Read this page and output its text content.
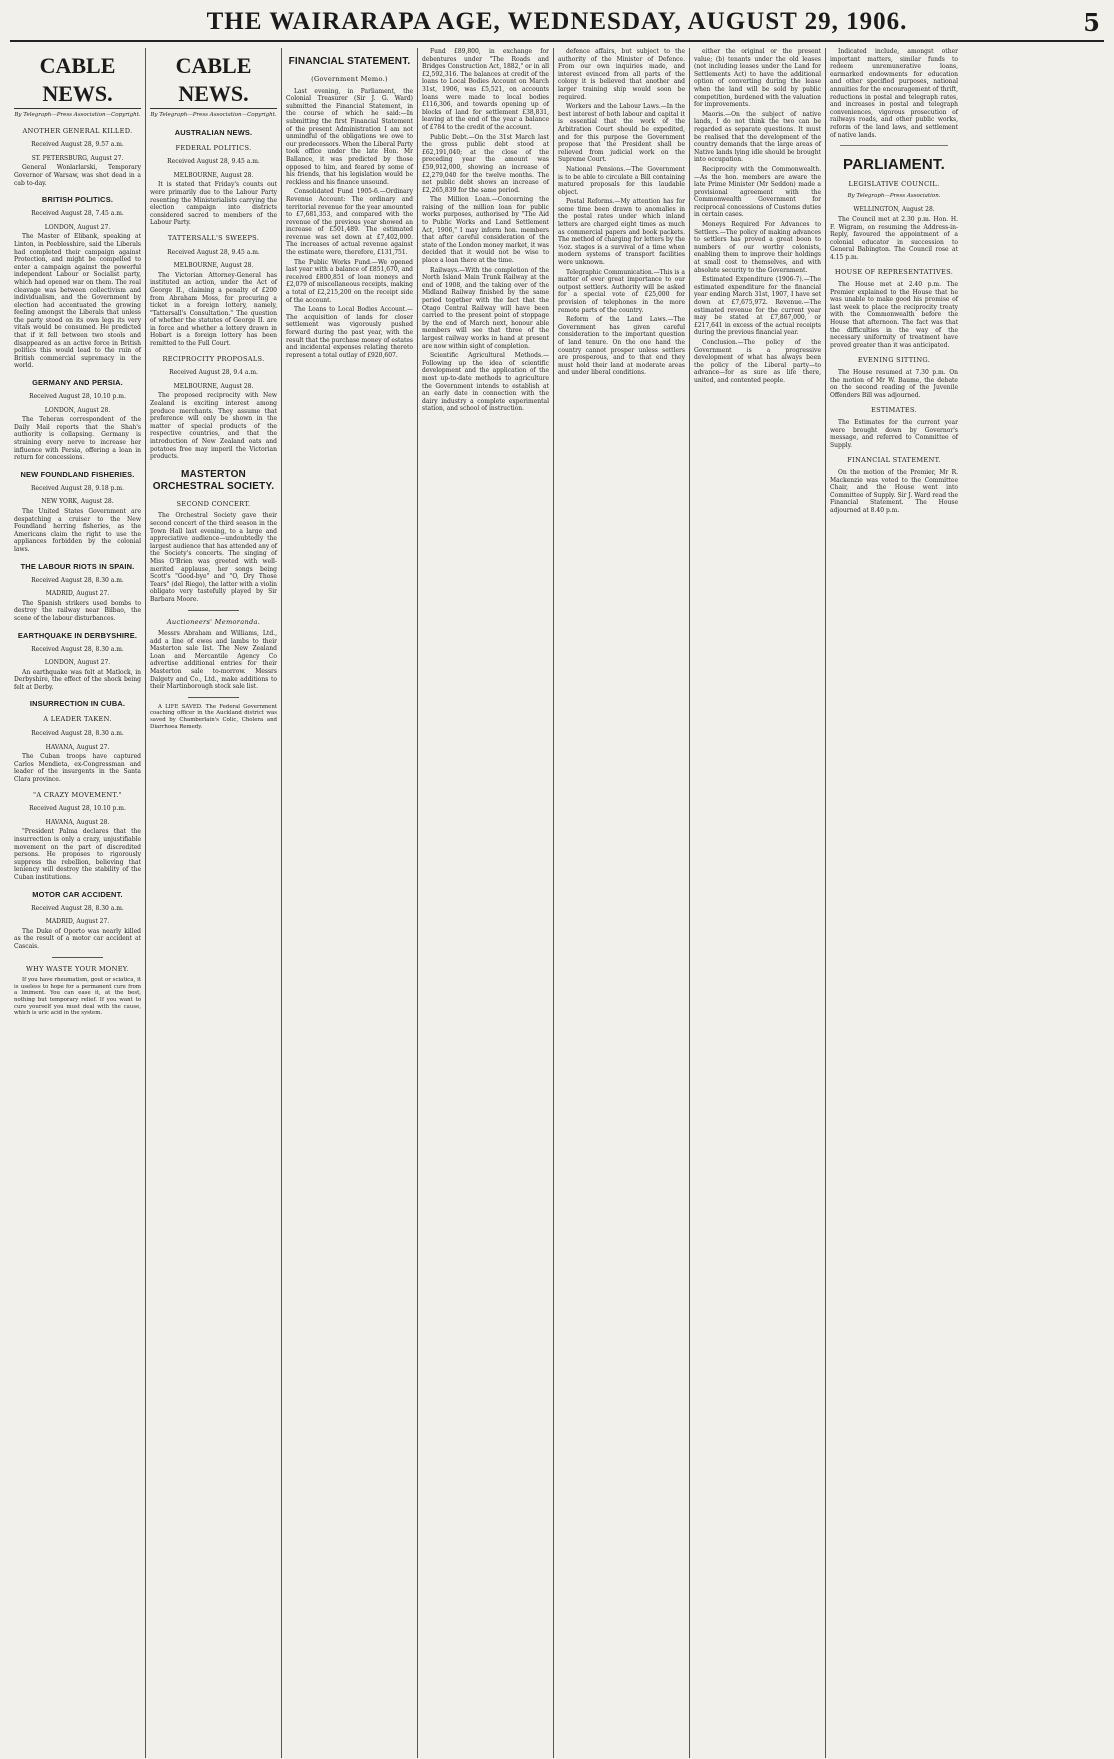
THE WAIRARAPA AGE, WEDNESDAY, AUGUST 29, 1906.	5
CABLE NEWS.
By Telegraph—Press Association—Copyright.
ANOTHER GENERAL KILLED.
Received August 28, 9.57 a.m.
ST. PETERSBURG, August 27.

General Wonlarlarski, Temporary Governor of Warsaw, was shot dead in a cab to-day.

BRITISH POLITICS.
Received August 28, 7.45 a.m.
LONDON, August 27.

The Master of Elibank, speaking at Linton, in Peeblesshire, said the Liberals had completed their campaign against Protection, and might be compelled to enter a campaign against the powerful independent Labour or Socialist party, which had opened war on them. The real cleavage was between collectivism and individualism, and the Government by election had accentuated the growing feeling amongst the Liberals that unless the party stood on its own legs its very vitals would be consumed. He predicted that if it fell between two stools and disappeared as an active force in British politics this would lead to the ruin of British commercial supremacy in the world.

GERMANY AND PERSIA.
Received August 28, 10.10 p.m.
LONDON, August 28.

The Teheran correspondent of the Daily Mail reports that the Shah's authority is collapsing. Germany is straining every nerve to increase her influence with Persia, offering a loan in return for concessions.

NEW FOUNDLAND FISHERIES.
Received August 28, 9.18 p.m.
NEW YORK, August 28.

The United States Government are despatching a cruiser to the New Foundland herring fisheries, as the Americans claim the right to use the appliances forbidden by the colonial laws.

THE LABOUR RIOTS IN SPAIN.
Received August 28, 8.30 a.m.
MADRID, August 27.

The Spanish strikers used bombs to destroy the railway near Bilbao, the scene of the labour disturbances.

EARTHQUAKE IN DERBYSHIRE.
Received August 28, 8.30 a.m.
LONDON, August 27.

An earthquake was felt at Matlock, in Derbyshire, the effect of the shock being felt at Derby.

INSURRECTION IN CUBA.
A LEADER TAKEN.
Received August 28, 8.30 a.m.
HAVANA, August 27.

The Cuban troops have captured Carlos Mendieta, ex-Congressman and leader of the insurgents in the Santa Clara province.

"A CRAZY MOVEMENT."
Received August 28, 10.10 p.m.
HAVANA, August 28.

"President Palma declares that the insurrection is only a crazy, unjustifiable movement on the part of discredited persons. He proposes to rigorously suppress the rebellion, believing that leniency will destroy the stability of the Cuban institutions.

MOTOR CAR ACCIDENT.
Received August 28, 8.30 a.m.
MADRID, August 27.

The Duke of Oporto was nearly killed as the result of a motor car accident at Cascais.

WHY WASTE YOUR MONEY.

If you have rheumatism, gout or sciatica, it is useless to hope for a permanent cure from a liniment. You can ease it, at the best, nothing but temporary relief. If you want to cure yourself you must deal with the cause, which is uric acid in the system.

CABLE NEWS.
By Telegraph—Press Association—Copyright.
AUSTRALIAN NEWS.
FEDERAL POLITICS.
Received August 28, 9.45 a.m.
MELBOURNE, August 28.

It is stated that Friday's counts out were primarily due to the Labour Party resenting the Ministerialists carrying the election campaign into districts considered sacred to members of the Labour Party.

TATTERSALL'S SWEEPS.
Received August 28, 9.45 a.m.
MELBOURNE, August 28.

The Victorian Attorney-General has instituted an action, under the Act of George II., claiming a penalty of £200 from Abraham Moss, for procuring a ticket in a foreign lottery, namely, "Tattersall's Consultation." The question of whether the statutes of George II. are in force and whether a lottery drawn in Hobart is a foreign lottery has been remitted to the Full Court.

RECIPROCITY PROPOSALS.
Received August 28, 9.4 a.m.
MELBOURNE, August 28.

The proposed reciprocity with New Zealand is exciting interest among produce merchants. They assume that preference will only be shown in the matter of special products of the respective countries, and that the introduction of New Zealand oats and potatoes free may imperil the Victorian products.

MASTERTON ORCHESTRAL SOCIETY.
SECOND CONCERT.

The Orchestral Society gave their second concert of the third season in the Town Hall last evening, to a large and appreciative audience—undoubtedly the largest audience that has attended any of the Society's concerts. The singing of Miss O'Brien was greeted with well-merited applause, her songs being Scott's "Good-bye" and "O, Dry Those Tears" (del Riego), the latter with a violin obligato very tastefully played by Sir Barbara Moore.

Auctioneers' Memoranda.

Messrs Abraham and Williams, Ltd., add a line of ewes and lambs to their Masterton sale list. The New Zealand Loan and Mercantile Agency Co advertise additional entries for their Masterton sale to-morrow. Messrs Dalgety and Co., Ltd., make additions to their Martinborough stock sale list.

A LIFE SAVED. The Federal Government coaching officer in the Auckland district was saved by Chamberlain's Colic, Cholera and Diarrhoea Remedy.

FINANCIAL STATEMENT.
(Government Memo.)

Last evening, in Parliament, the Colonial Treasurer (Sir J. G. Ward) submitted the Financial Statement, in the course of which he said:—In submitting the first Financial Statement of the present Administration I am not unmindful of the obligations we owe to our predecessors. When the Liberal Party took office under the late Hon. Mr Ballance, it was predicted by those opposed to him, and feared by some of his friends, that his legislation would be reckless and his finance unsound.

Consolidated Fund 1905-6.—Ordinary Revenue Account: The ordinary and territorial revenue for the year amounted to £7,681,353, and compared with the revenue of the previous year showed an increase of £501,489. The estimated revenue was set down at £7,402,000. The increases of actual revenue against the estimate were, therefore, £131,751.

The Public Works Fund.—We opened last year with a balance of £851,670, and received £800,851 of loan moneys and £2,079 of miscellaneous receipts, making a total of £2,215,200 on the receipt side of the account.

The Loans to Local Bodies Account.—The acquisition of lands for closer settlement was vigorously pushed forward during the past year, with the result that the purchase money of estates and incidental expenses relating thereto represent a total outlay of £920,607.

Fund £89,800, in exchange for debentures under "The Roads and Bridges Construction Act, 1882," or in all £2,592,316. The balances at credit of the loans to Local Bodies Account on March 31st, 1906, was £5,521, on accounts loans were made to local bodies £116,306, and towards opening up of blocks of land for settlement £38,831, leaving at the end of the year a balance of £784 to the credit of the account.

Public Debt.—On the 31st March last the gross public debt stood at £62,191,040; at the close of the preceding year the amount was £59,912,000, showing an increase of £2,279,040 for the twelve months. The net public debt shows an increase of £2,265,839 for the same period.

The Million Loan.—Concerning the raising of the million loan for public works purposes, authorised by "The Aid to Public Works and Land Settlement Act, 1906," I may inform hon. members that after careful consideration of the state of the London money market, it was decided that it would not be wise to place a loan there at the time.

Railways.—With the completion of the North Island Main Trunk Railway at the end of 1908, and the taking over of the Midland Railway finished by the same period together with the fact that the Otago Central Railway will have been carried to the present point of stoppage by the end of March next, honour able members will see that three of the largest railway works in hand at present are now within sight of completion.

Scientific Agricultural Methods.—Following up the idea of scientific development and the application of the most up-to-date methods to agriculture the Government intends to establish at an early date in connection with the dairy industry a complete experimental station, and school of instruction.

defence affairs, but subject to the authority of the Minister of Defence. From our own inquiries made, and interest evinced from all parts of the colony it is believed that another and larger training ship would soon be required.

Workers and the Labour Laws.—In the best interest of both labour and capital it is essential that the work of the Arbitration Court should be expedited, and for this purpose the Government propose that the President shall be relieved from judicial work on the Supreme Court.

National Pensions.—The Government is to be able to circulate a Bill containing matured proposals for this laudable object.

Postal Reforms.—My attention has for some time been drawn to anomalies in the postal rates under which inland letters are charged eight times as much as commercial papers and book packets. The method of charging for letters by the ½oz. stages is a survival of a time when modern systems of transport facilities were unknown.

Telegraphic Communication.—This is a matter of ever great importance to our outpost settlers. Authority will be asked for a special vote of £25,000 for provision of telephones in the more remote parts of the country.

Reform of the Land Laws.—The Government has given careful consideration to the important question of land tenure. On the one hand the country cannot prosper unless settlers are prosperous, and to that end they must hold their land at moderate areas and under liberal conditions.

either the original or the present value; (b) tenants under the old leases (not including leases under the Land for Settlements Act) to have the additional option of converting during the lease when the land will be sold by public competition, burdened with the valuation for improvements.

Maoris.—On the subject of native lands, I do not think the two can be regarded as separate questions. It must be realised that the development of the country demands that the large areas of Native lands lying idle should be brought into occupation.

Reciprocity with the Commonwealth.—As the hon. members are aware the late Prime Minister (Mr Seddon) made a provisional agreement with the Commonwealth Government for reciprocal concessions of Customs duties in certain cases.

Moneys Required For Advances to Settlers.—The policy of making advances to settlers has proved a great boon to numbers of our worthy colonists, enabling them to improve their holdings at small cost to themselves, and with absolute security to the Government.

Estimated Expenditure (1906-7).—The estimated expenditure for the financial year ending March 31st, 1907, I have set down at £7,675,972. Revenue.—The estimated revenue for the current year may be stated at £7,867,000, or £217,641 in excess of the actual receipts during the previous financial year.

Conclusion.—The policy of the Government is a progressive development of what has always been the policy of the Liberal party—to advance—for as sure as life there, united, and contented people.

Indicated include, amongst other important matters, similar funds to redeem unremunerative loans, earmarked endowments for education and other specified purposes, national annuities for the encouragement of thrift, reductions in postal and telegraph rates, and increases in postal and telegraph conveniences, vigorous prosecution of railways roads, and other public works, reform of the land laws, and settlement of native lands.

PARLIAMENT.
LEGISLATIVE COUNCIL.
By Telegraph—Press Association.
WELLINGTON, August 28.

The Council met at 2.30 p.m. Hon. H. F. Wigram, on resuming the Address-in-Reply, favoured the appointment of a colonial educator in succession to General Babington. The Council rose at 4.15 p.m.

HOUSE OF REPRESENTATIVES.

The House met at 2.40 p.m. The Premier explained to the House that he was unable to make good his promise of last week to place the reciprocity treaty with the Commonwealth before the House that afternoon. The fact was that the difficulties in the way of the necessary uniformity of treatment have proved greater than it was anticipated.

EVENING SITTING.

The House resumed at 7.30 p.m. On the motion of Mr W. Baume, the debate on the second reading of the Juvenile Offenders Bill was adjourned.

ESTIMATES.

The Estimates for the current year were brought down by Governor's message, and referred to Committee of Supply.

FINANCIAL STATEMENT.

On the motion of the Premier, Mr R. Mackenzie was voted to the Committee Chair, and the House went into Committee of Supply. Sir J. Ward read the Financial Statement. The House adjourned at 8.40 p.m.
